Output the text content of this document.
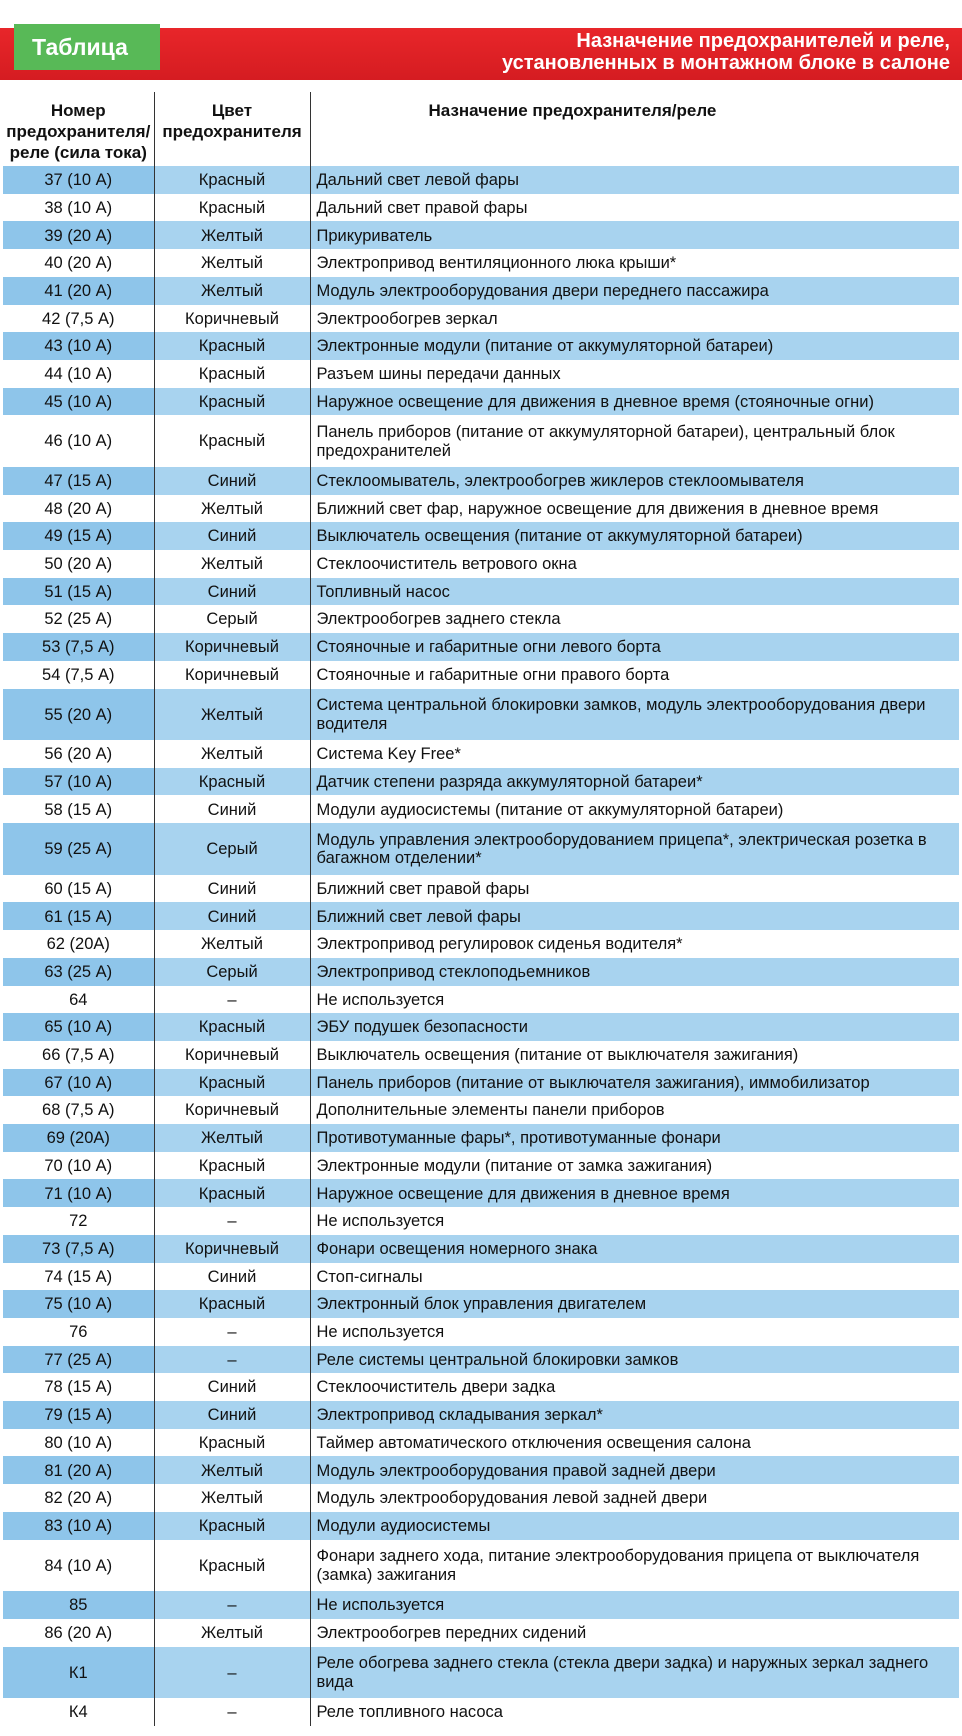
Таблица	Назначение предохранителей и реле,
установленных в монтажном блоке в салоне
Номер предохранителя/ реле (сила тока)	Цвет предохранителя	Назначение предохранителя/реле
37 (10 А)	Красный	Дальний свет левой фары
38 (10 А)	Красный	Дальний свет правой фары
39 (20 А)	Желтый	Прикуриватель
40 (20 А)	Желтый	Электропривод вентиляционного люка крыши*
41 (20 А)	Желтый	Модуль электрооборудования двери переднего пассажира
42 (7,5 А)	Коричневый	Электрообогрев зеркал
43 (10 А)	Красный	Электронные модули (питание от аккумуляторной батареи)
44 (10 А)	Красный	Разъем шины передачи данных
45 (10 А)	Красный	Наружное освещение для движения в дневное время (стояночные огни)
46 (10 А)	Красный	Панель приборов (питание от аккумуляторной батареи), центральный блок предохранителей
47 (15 А)	Синий	Стеклоомыватель, электрообогрев жиклеров стеклоомывателя
48 (20 А)	Желтый	Ближний свет фар, наружное освещение для движения в дневное время
49 (15 А)	Синий	Выключатель освещения (питание от аккумуляторной батареи)
50 (20 А)	Желтый	Стеклоочиститель ветрового окна
51 (15 А)	Синий	Топливный насос
52 (25 А)	Серый	Электрообогрев заднего стекла
53 (7,5 А)	Коричневый	Стояночные и габаритные огни левого борта
54 (7,5 А)	Коричневый	Стояночные и габаритные огни правого борта
55 (20 А)	Желтый	Система центральной блокировки замков, модуль электрооборудования двери водителя
56 (20 А)	Желтый	Система Key Free*
57 (10 А)	Красный	Датчик степени разряда аккумуляторной батареи*
58 (15 А)	Синий	Модули аудиосистемы (питание от аккумуляторной батареи)
59 (25 А)	Серый	Модуль управления электрооборудованием прицепа*, электрическая розетка в багажном отделении*
60 (15 А)	Синий	Ближний свет правой фары
61 (15 А)	Синий	Ближний свет левой фары
62 (20А)	Желтый	Электропривод регулировок сиденья водителя*
63 (25 А)	Серый	Электропривод стеклоподьемников
64	–	Не используется
65 (10 А)	Красный	ЭБУ подушек безопасности
66 (7,5 А)	Коричневый	Выключатель освещения (питание от выключателя зажигания)
67 (10 А)	Красный	Панель приборов (питание от выключателя зажигания), иммобилизатор
68 (7,5 А)	Коричневый	Дополнительные элементы панели приборов
69 (20А)	Желтый	Противотуманные фары*, противотуманные фонари
70 (10 А)	Красный	Электронные модули (питание от замка зажигания)
71 (10 А)	Красный	Наружное освещение для движения в дневное время
72	–	Не используется
73 (7,5 А)	Коричневый	Фонари освещения номерного знака
74 (15 А)	Синий	Стоп-сигналы
75 (10 А)	Красный	Электронный блок управления двигателем
76	–	Не используется
77 (25 А)	–	Реле системы центральной блокировки замков
78 (15 А)	Синий	Стеклоочиститель двери задка
79 (15 А)	Синий	Электропривод складывания зеркал*
80 (10 А)	Красный	Таймер автоматического отключения освещения салона
81 (20 А)	Желтый	Модуль электрооборудования правой задней двери
82 (20 А)	Желтый	Модуль электрооборудования левой задней двери
83 (10 А)	Красный	Модули аудиосистемы
84 (10 А)	Красный	Фонари заднего хода, питание электрооборудования прицепа от выключателя (замка) зажигания
85	–	Не используется
86 (20 А)	Желтый	Электрообогрев передних сидений
К1	–	Реле обогрева заднего стекла (стекла двери задка) и наружных зеркал заднего вида
К4	–	Реле топливного насоса
